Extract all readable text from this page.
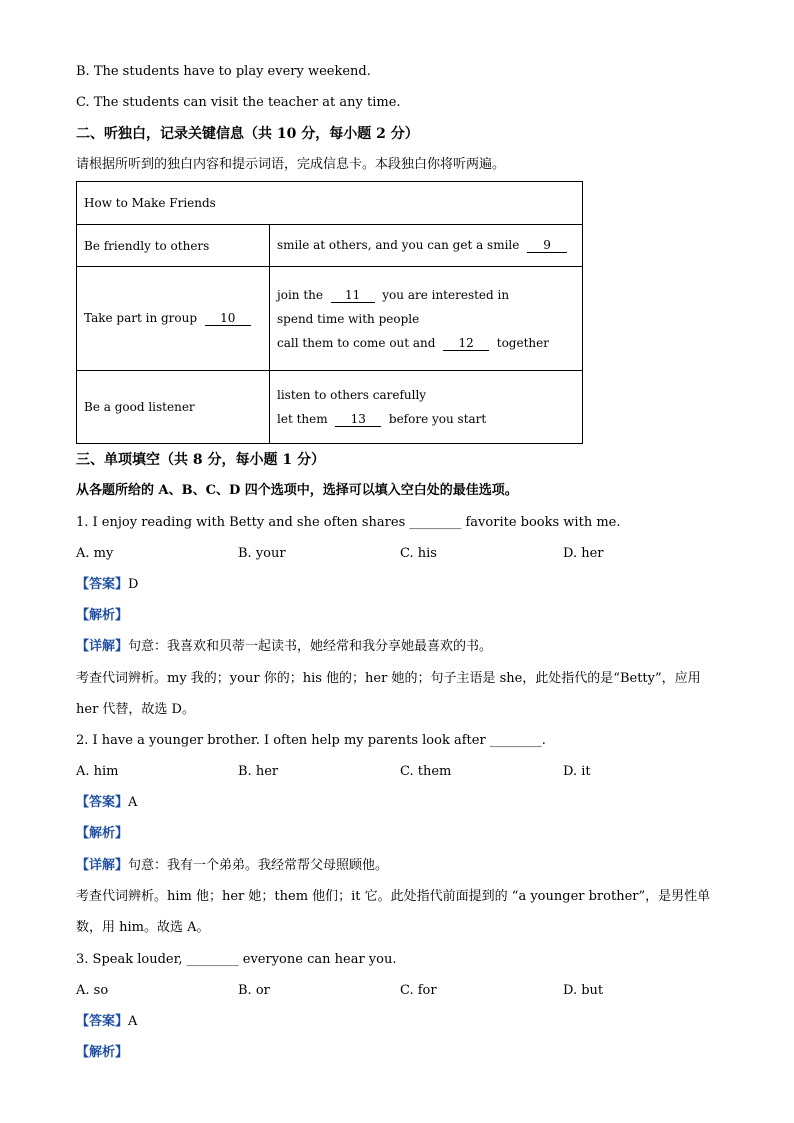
B. The students have to play every weekend.
C. The students can visit the teacher at any time.
二、听独白，记录关键信息（共 10 分，每小题 2 分）
请根据所听到的独白内容和提示词语，完成信息卡。本段独白你将听两遍。
How to Make Friends	
Be friendly to others	smile at others, and you can get a smile 9
Take part in group 10	join the 11 you are interested in
spend time with people
call them to come out and 12 together

Be a good listener	listen to others carefully
let them 13 before you start
三、单项填空（共 8 分，每小题 1 分）
从各题所给的 A、B、C、D 四个选项中，选择可以填入空白处的最佳选项。
1. I enjoy reading with Betty and she often shares ________ favorite books with me.
A. my	B. your	C. his	D. her
【答案】D
【解析】
【详解】句意：我喜欢和贝蒂一起读书，她经常和我分享她最喜欢的书。
考查代词辨析。my 我的；your 你的；his 他的；her 她的；句子主语是 she，此处指代的是“Betty”，应用
her 代替，故选 D。
2. I have a younger brother. I often help my parents look after ________.
A. him	B. her	C. them	D. it
【答案】A
【解析】
【详解】句意：我有一个弟弟。我经常帮父母照顾他。
考查代词辨析。him 他；her 她；them 他们；it 它。此处指代前面提到的 “a younger brother”，是男性单
数，用 him。故选 A。
3. Speak louder, ________ everyone can hear you.
A. so	B. or	C. for	D. but
【答案】A
【解析】
